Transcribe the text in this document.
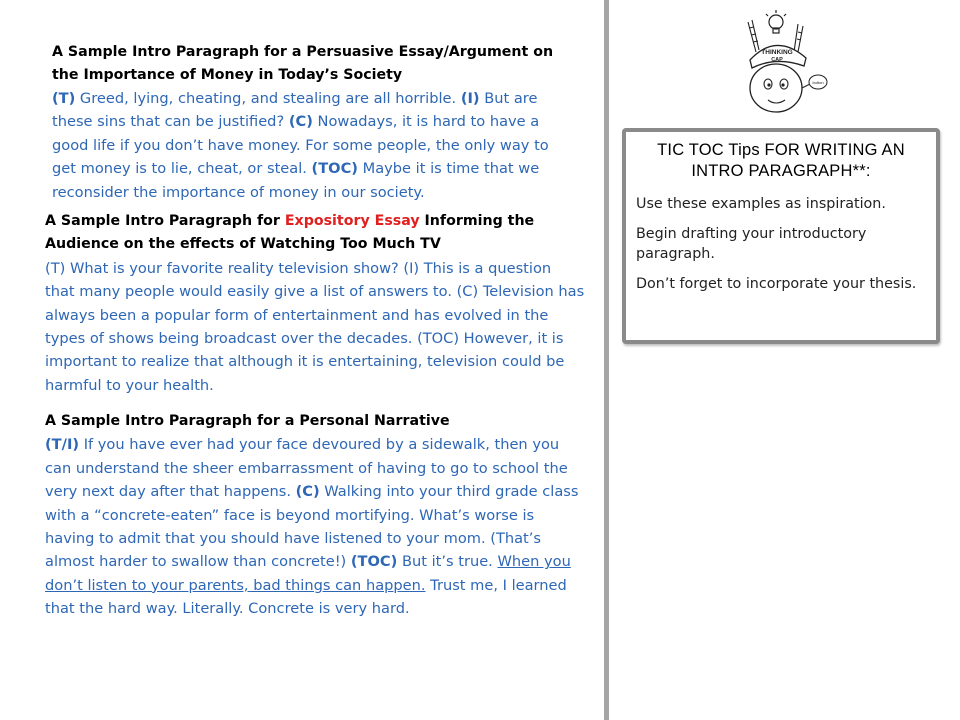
A Sample Intro Paragraph for a Persuasive Essay/Argument on
the Importance of Money in Today’s Society
(T) Greed, lying, cheating, and stealing are all horrible. (I) But are these sins that can be justified? (C) Nowadays, it is hard to have a good life if you don’t have money. For some people, the only way to get money is to lie, cheat, or steal. (TOC) Maybe it is time that we reconsider the importance of money in our society.
A Sample Intro Paragraph for Expository Essay Informing the Audience on the effects of Watching Too Much TV
(T) What is your favorite reality television show? (I) This is a question that many people would easily give a list of answers to. (C) Television has always been a popular form of entertainment and has evolved in the types of shows being broadcast over the decades. (TOC) However, it is important to realize that although it is entertaining, television could be harmful to your health.
A Sample Intro Paragraph for a Personal Narrative
(T/I) If you have ever had your face devoured by a sidewalk, then you can understand the sheer embarrassment of having to go to school the very next day after that happens. (C) Walking into your third grade class with a “concrete-eaten” face is beyond mortifying. What’s worse is having to admit that you should have listened to your mom. (That’s almost harder to swallow than concrete!) (TOC) But it’s true. When you don’t listen to your parents, bad things can happen. Trust me, I learned that the hard way. Literally. Concrete is very hard.
THINKING
CAP
button
TIC TOC Tips FOR WRITING AN INTRO PARAGRAPH**:
Use these examples as inspiration.
Begin drafting your introductory paragraph.
Don’t forget to incorporate your thesis.
